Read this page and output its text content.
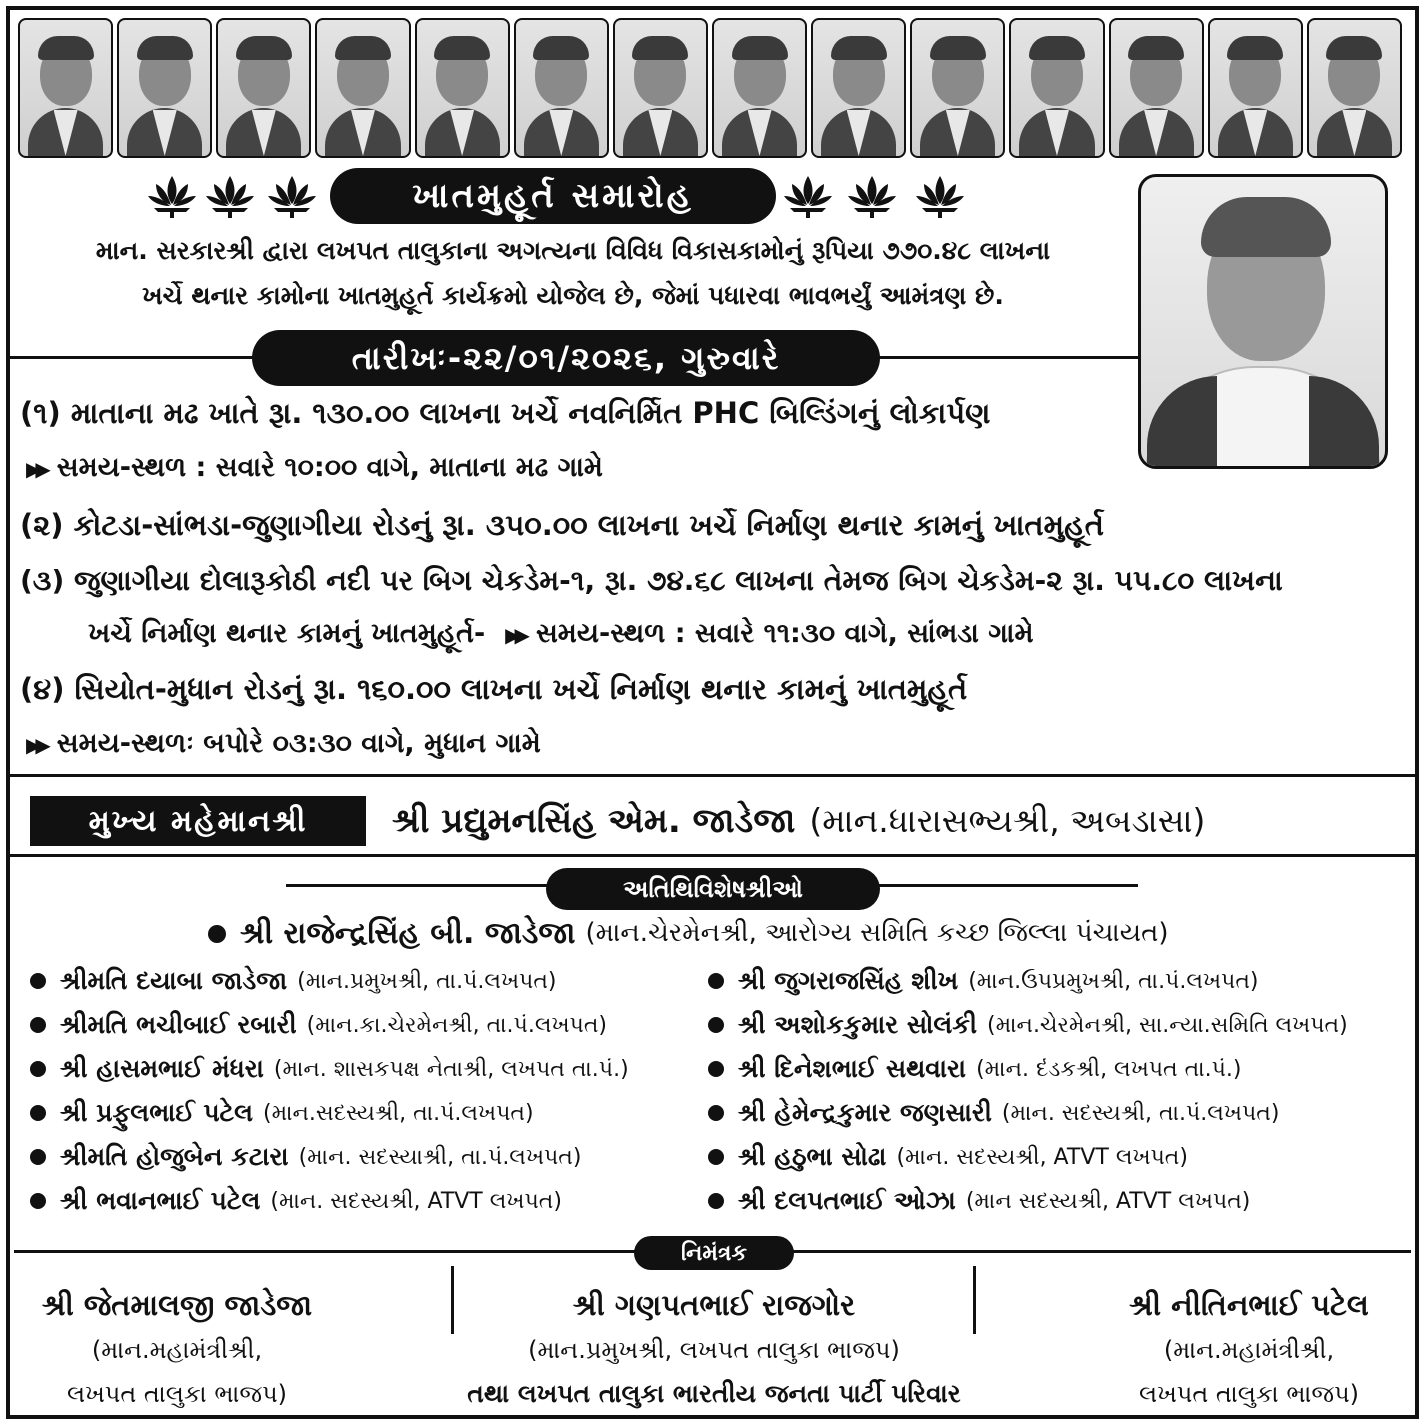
ખાતમુહૂર્ત સમારોહ
માન. સરકારશ્રી દ્વારા લખપત તાલુકાના અગત્યના વિવિધ વિકાસકામોનું રૂપિયા ૭૭૦.૪૮ લાખના
ખર્ચે થનાર કામોના ખાતમુહૂર્ત કાર્યક્રમો યોજેલ છે, જેમાં પધારવા ભાવભર્યું આમંત્રણ છે.
તારીખઃ-૨૨/૦૧/૨૦૨૬, ગુરુવારે
(૧) માતાના મઢ ખાતે રૂા. ૧૩૦.૦૦ લાખના ખર્ચે નવનિર્મિત PHC બિલ્ડિંગનું લોકાર્પણ
▶▶ સમય-સ્થળ : સવારે ૧૦:૦૦ વાગે, માતાના મઢ ગામે
(૨) કોટડા-સાંભડા-જુણાગીયા રોડનું રૂા. ૩૫૦.૦૦ લાખના ખર્ચે નિર્માણ થનાર કામનું ખાતમુહૂર્ત
(૩) જુણાગીયા દોલારૂકોઠી નદી પર બિગ ચેકડેમ-૧, રૂા. ૭૪.૬૮ લાખના તેમજ બિગ ચેકડેમ-૨ રૂા. ૫૫.૮૦ લાખના
ખર્ચે નિર્માણ થનાર કામનું ખાતમુહૂર્ત- ▶▶ સમય-સ્થળ : સવારે ૧૧:૩૦ વાગે, સાંભડા ગામે
(૪) સિયોત-મુધાન રોડનું રૂા. ૧૬૦.૦૦ લાખના ખર્ચે નિર્માણ થનાર કામનું ખાતમુહૂર્ત
▶▶ સમય-સ્થળઃ બપોરે ૦૩:૩૦ વાગે, મુધાન ગામે
મુખ્ય મહેમાનશ્રી	શ્રી પ્રદ્યુમનસિંહ એમ. જાડેજા (માન.ધારાસભ્યશ્રી, અબડાસા)
અતિથિવિશેષશ્રીઓ
શ્રી રાજેન્દ્રસિંહ બી. જાડેજા (માન.ચેરમેનશ્રી, આરોગ્ય સમિતિ કચ્છ જિલ્લા પંચાયત)
શ્રીમતિ દયાબા જાડેજા (માન.પ્રમુખશ્રી, તા.પં.લખપત)
શ્રીમતિ ભચીબાઈ રબારી (માન.કા.ચેરમેનશ્રી, તા.પં.લખપત)
શ્રી હાસમભાઈ મંધરા (માન. શાસકપક્ષ નેતાશ્રી, લખપત તા.પં.)
શ્રી પ્રફુલભાઈ પટેલ (માન.સદસ્યશ્રી, તા.પં.લખપત)
શ્રીમતિ હોજુબેન કટારા (માન. સદસ્યાશ્રી, તા.પં.લખપત)
શ્રી ભવાનભાઈ પટેલ (માન. સદસ્યશ્રી, ATVT લખપત)
શ્રી જુગરાજસિંહ શીખ (માન.ઉપપ્રમુખશ્રી, તા.પં.લખપત)
શ્રી અશોકકુમાર સોલંકી (માન.ચેરમેનશ્રી, સા.ન્યા.સમિતિ લખપત)
શ્રી દિનેશભાઈ સથવારા (માન. દંડકશ્રી, લખપત તા.પં.)
શ્રી હેમેન્દ્રકુમાર જણસારી (માન. સદસ્યશ્રી, તા.પં.લખપત)
શ્રી હઠુભા સોઢા (માન. સદસ્યશ્રી, ATVT લખપત)
શ્રી દલપતભાઈ ઓઝા (માન સદસ્યશ્રી, ATVT લખપત)
નિમંત્રક
શ્રી જેતમાલજી જાડેજા
(માન.મહામંત્રીશ્રી,
લખપત તાલુકા ભાજપ)
શ્રી ગણપતભાઈ રાજગોર
(માન.પ્રમુખશ્રી, લખપત તાલુકા ભાજપ)
તથા લખપત તાલુકા ભારતીય જનતા પાર્ટી પરિવાર
શ્રી નીતિનભાઈ પટેલ
(માન.મહામંત્રીશ્રી,
લખપત તાલુકા ભાજપ)
